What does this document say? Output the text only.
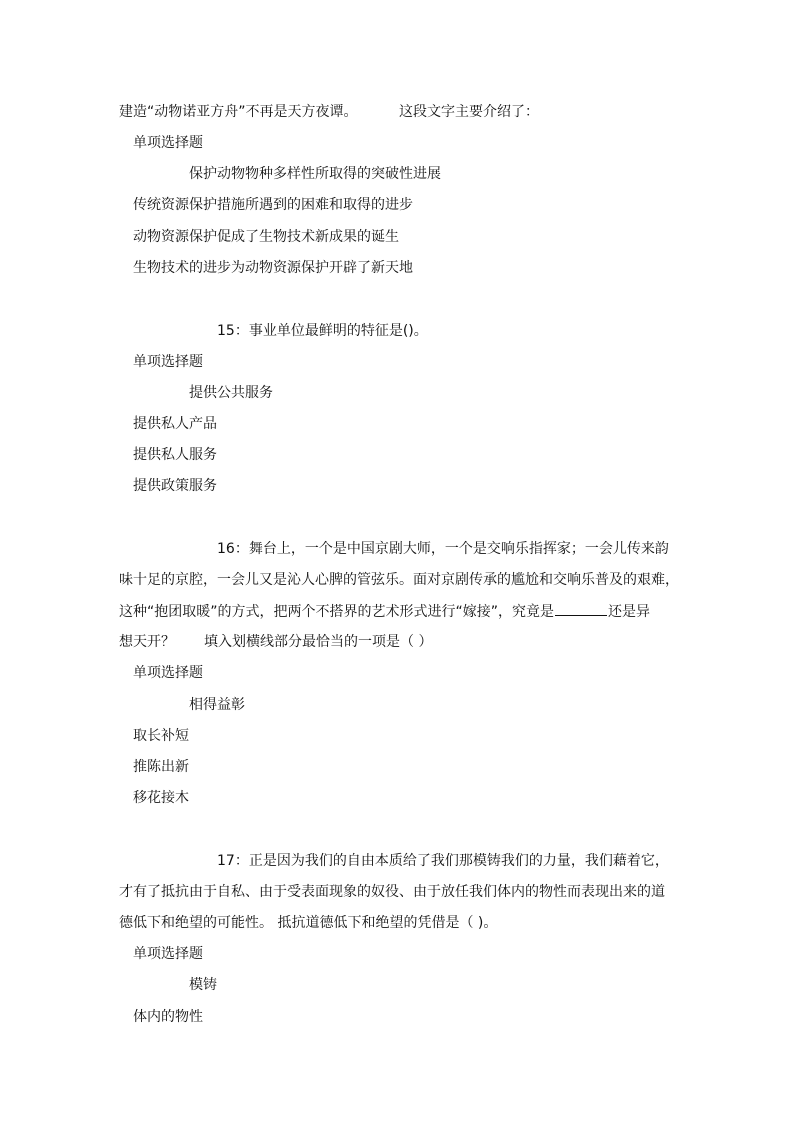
建造“动物诺亚方舟”不再是天方夜谭。	这段文字主要介绍了：
单项选择题
保护动物物种多样性所取得的突破性进展
传统资源保护措施所遇到的困难和取得的进步
动物资源保护促成了生物技术新成果的诞生
生物技术的进步为动物资源保护开辟了新天地
15：事业单位最鲜明的特征是()。
单项选择题
提供公共服务
提供私人产品
提供私人服务
提供政策服务
16：舞台上，一个是中国京剧大师，一个是交响乐指挥家；一会儿传来韵
味十足的京腔，一会儿又是沁人心脾的管弦乐。面对京剧传承的尴尬和交响乐普及的艰难，
这种“抱团取暖”的方式，把两个不搭界的艺术形式进行“嫁接”，究竟是	还是异
想天开？ 填入划横线部分最恰当的一项是（ ）
单项选择题
相得益彰
取长补短
推陈出新
移花接木
17：正是因为我们的自由本质给了我们那模铸我们的力量，我们藉着它，
才有了抵抗由于自私、由于受表面现象的奴役、由于放任我们体内的物性而表现出来的道
德低下和绝望的可能性。 抵抗道德低下和绝望的凭借是（ )。
单项选择题
模铸
体内的物性
